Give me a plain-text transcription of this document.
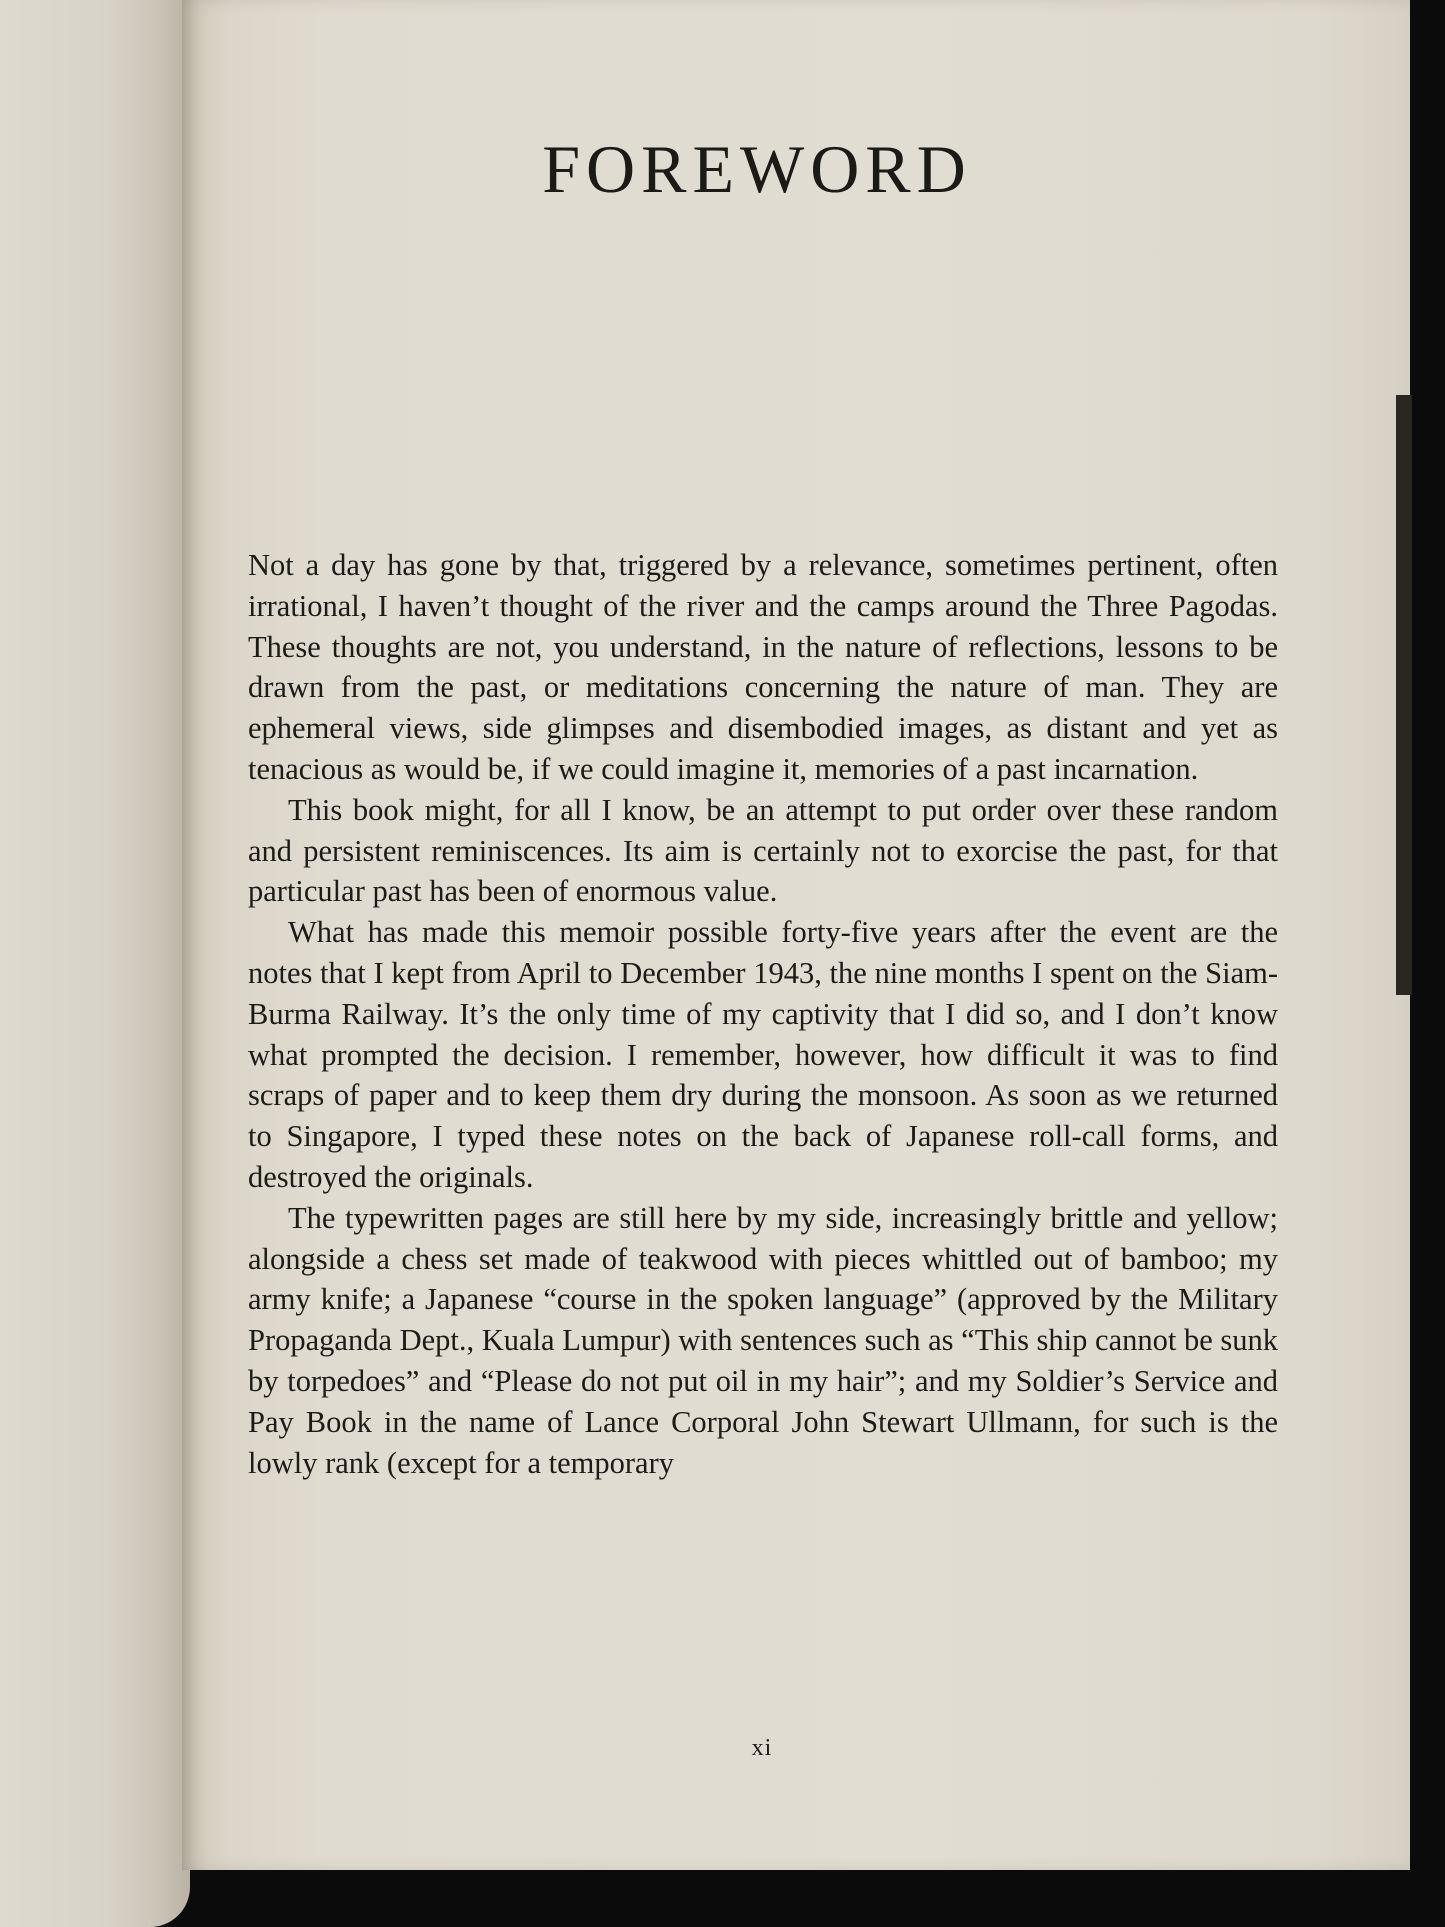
FOREWORD

Not a day has gone by that, triggered by a relevance, sometimes pertinent, often irrational, I haven’t thought of the river and the camps around the Three Pagodas. These thoughts are not, you understand, in the nature of reflections, lessons to be drawn from the past, or meditations concerning the nature of man. They are ephemeral views, side glimpses and disembodied images, as distant and yet as tenacious as would be, if we could imagine it, memories of a past incarnation.

This book might, for all I know, be an attempt to put order over these random and persistent reminiscences. Its aim is certainly not to exorcise the past, for that particular past has been of enormous value.

What has made this memoir possible forty-five years after the event are the notes that I kept from April to December 1943, the nine months I spent on the Siam-Burma Railway. It’s the only time of my captivity that I did so, and I don’t know what prompted the decision. I remember, however, how difficult it was to find scraps of paper and to keep them dry during the monsoon. As soon as we returned to Singapore, I typed these notes on the back of Japanese roll-call forms, and destroyed the originals.

The typewritten pages are still here by my side, increasingly brittle and yellow; alongside a chess set made of teakwood with pieces whittled out of bamboo; my army knife; a Japanese “course in the spoken language” (approved by the Military Propaganda Dept., Kuala Lumpur) with sentences such as “This ship cannot be sunk by torpedoes” and “Please do not put oil in my hair”; and my Soldier’s Service and Pay Book in the name of Lance Corporal John Stewart Ullmann, for such is the lowly rank (except for a temporary

xi
